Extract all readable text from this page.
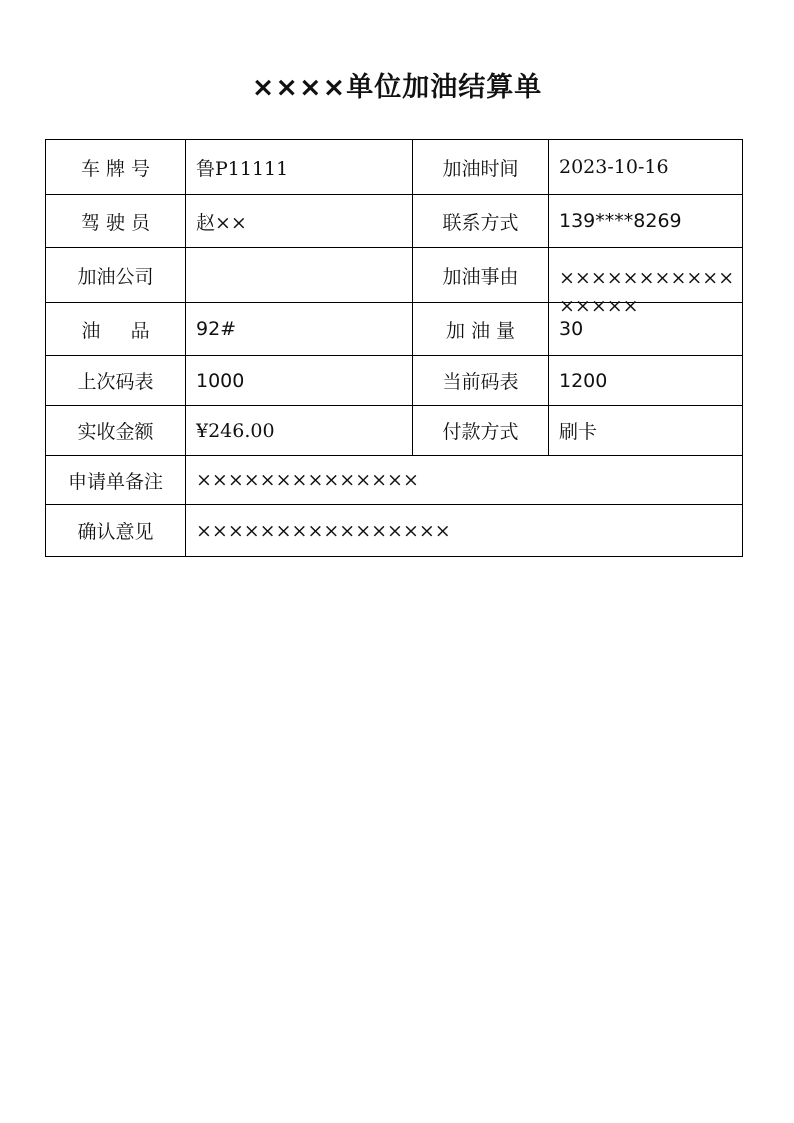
××××单位加油结算单
车 牌 号	鲁P11111	加油时间	2023-10-16
驾 驶 员	赵××	联系方式	139****8269
加油公司		加油事由	××××××××××××××××

油     品	92#	加 油 量	30
上次码表	1000	当前码表	1200
实收金额	¥246.00	付款方式	刷卡
申请单备注	××××××××××××××		
确认意见	××××××××××××××××		
